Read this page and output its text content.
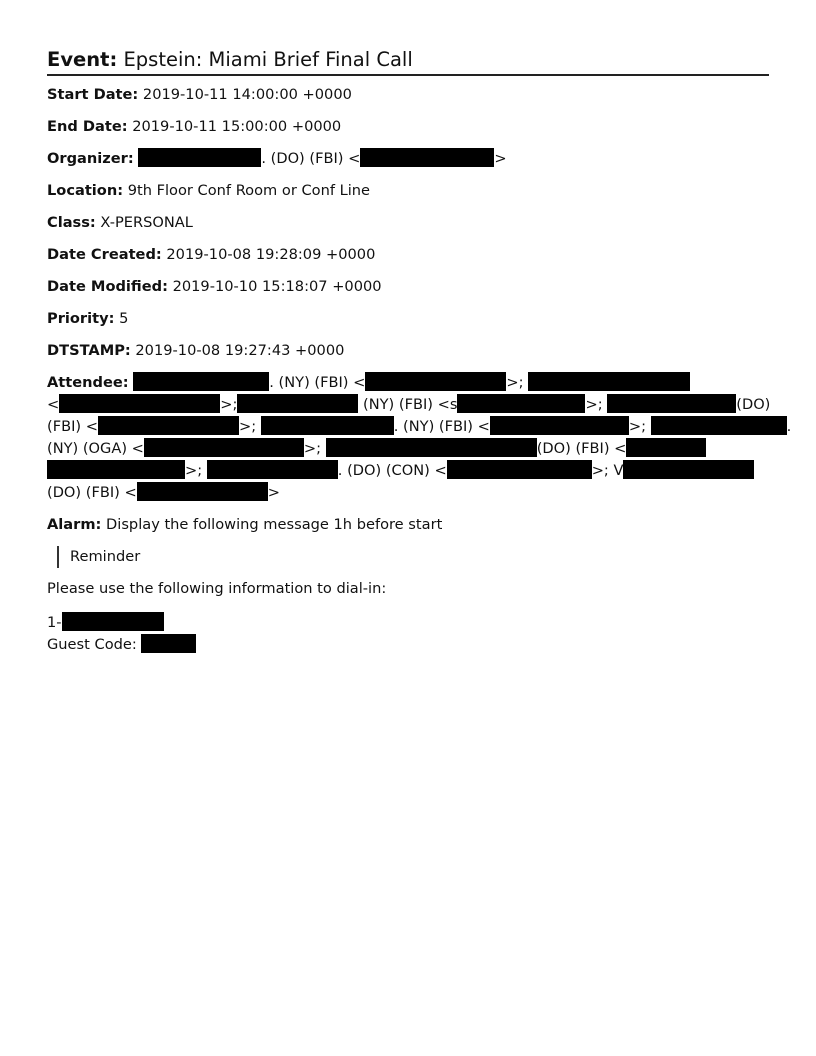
Event: Epstein: Miami Brief Final Call
Start Date: 2019-10-11 14:00:00 +0000
End Date: 2019-10-11 15:00:00 +0000
Organizer:	. (DO) (FBI) <	>
Location: 9th Floor Conf Room or Conf Line
Class: X-PERSONAL
Date Created: 2019-10-08 19:28:09 +0000
Date Modified: 2019-10-10 15:18:07 +0000
Priority: 5
DTSTAMP: 2019-10-08 19:27:43 +0000
Attendee:	. (NY) (FBI) <	>;
<	>;	(NY) (FBI) <s	>;	(DO)
(FBI) <	>;	. (NY) (FBI) <	>;	.
(NY) (OGA) <	>;	(DO) (FBI) <
>;	. (DO) (CON) <	>; V
(DO) (FBI) <	>
Alarm: Display the following message 1h before start
Reminder
Please use the following information to dial-in:
1-
Guest Code:
